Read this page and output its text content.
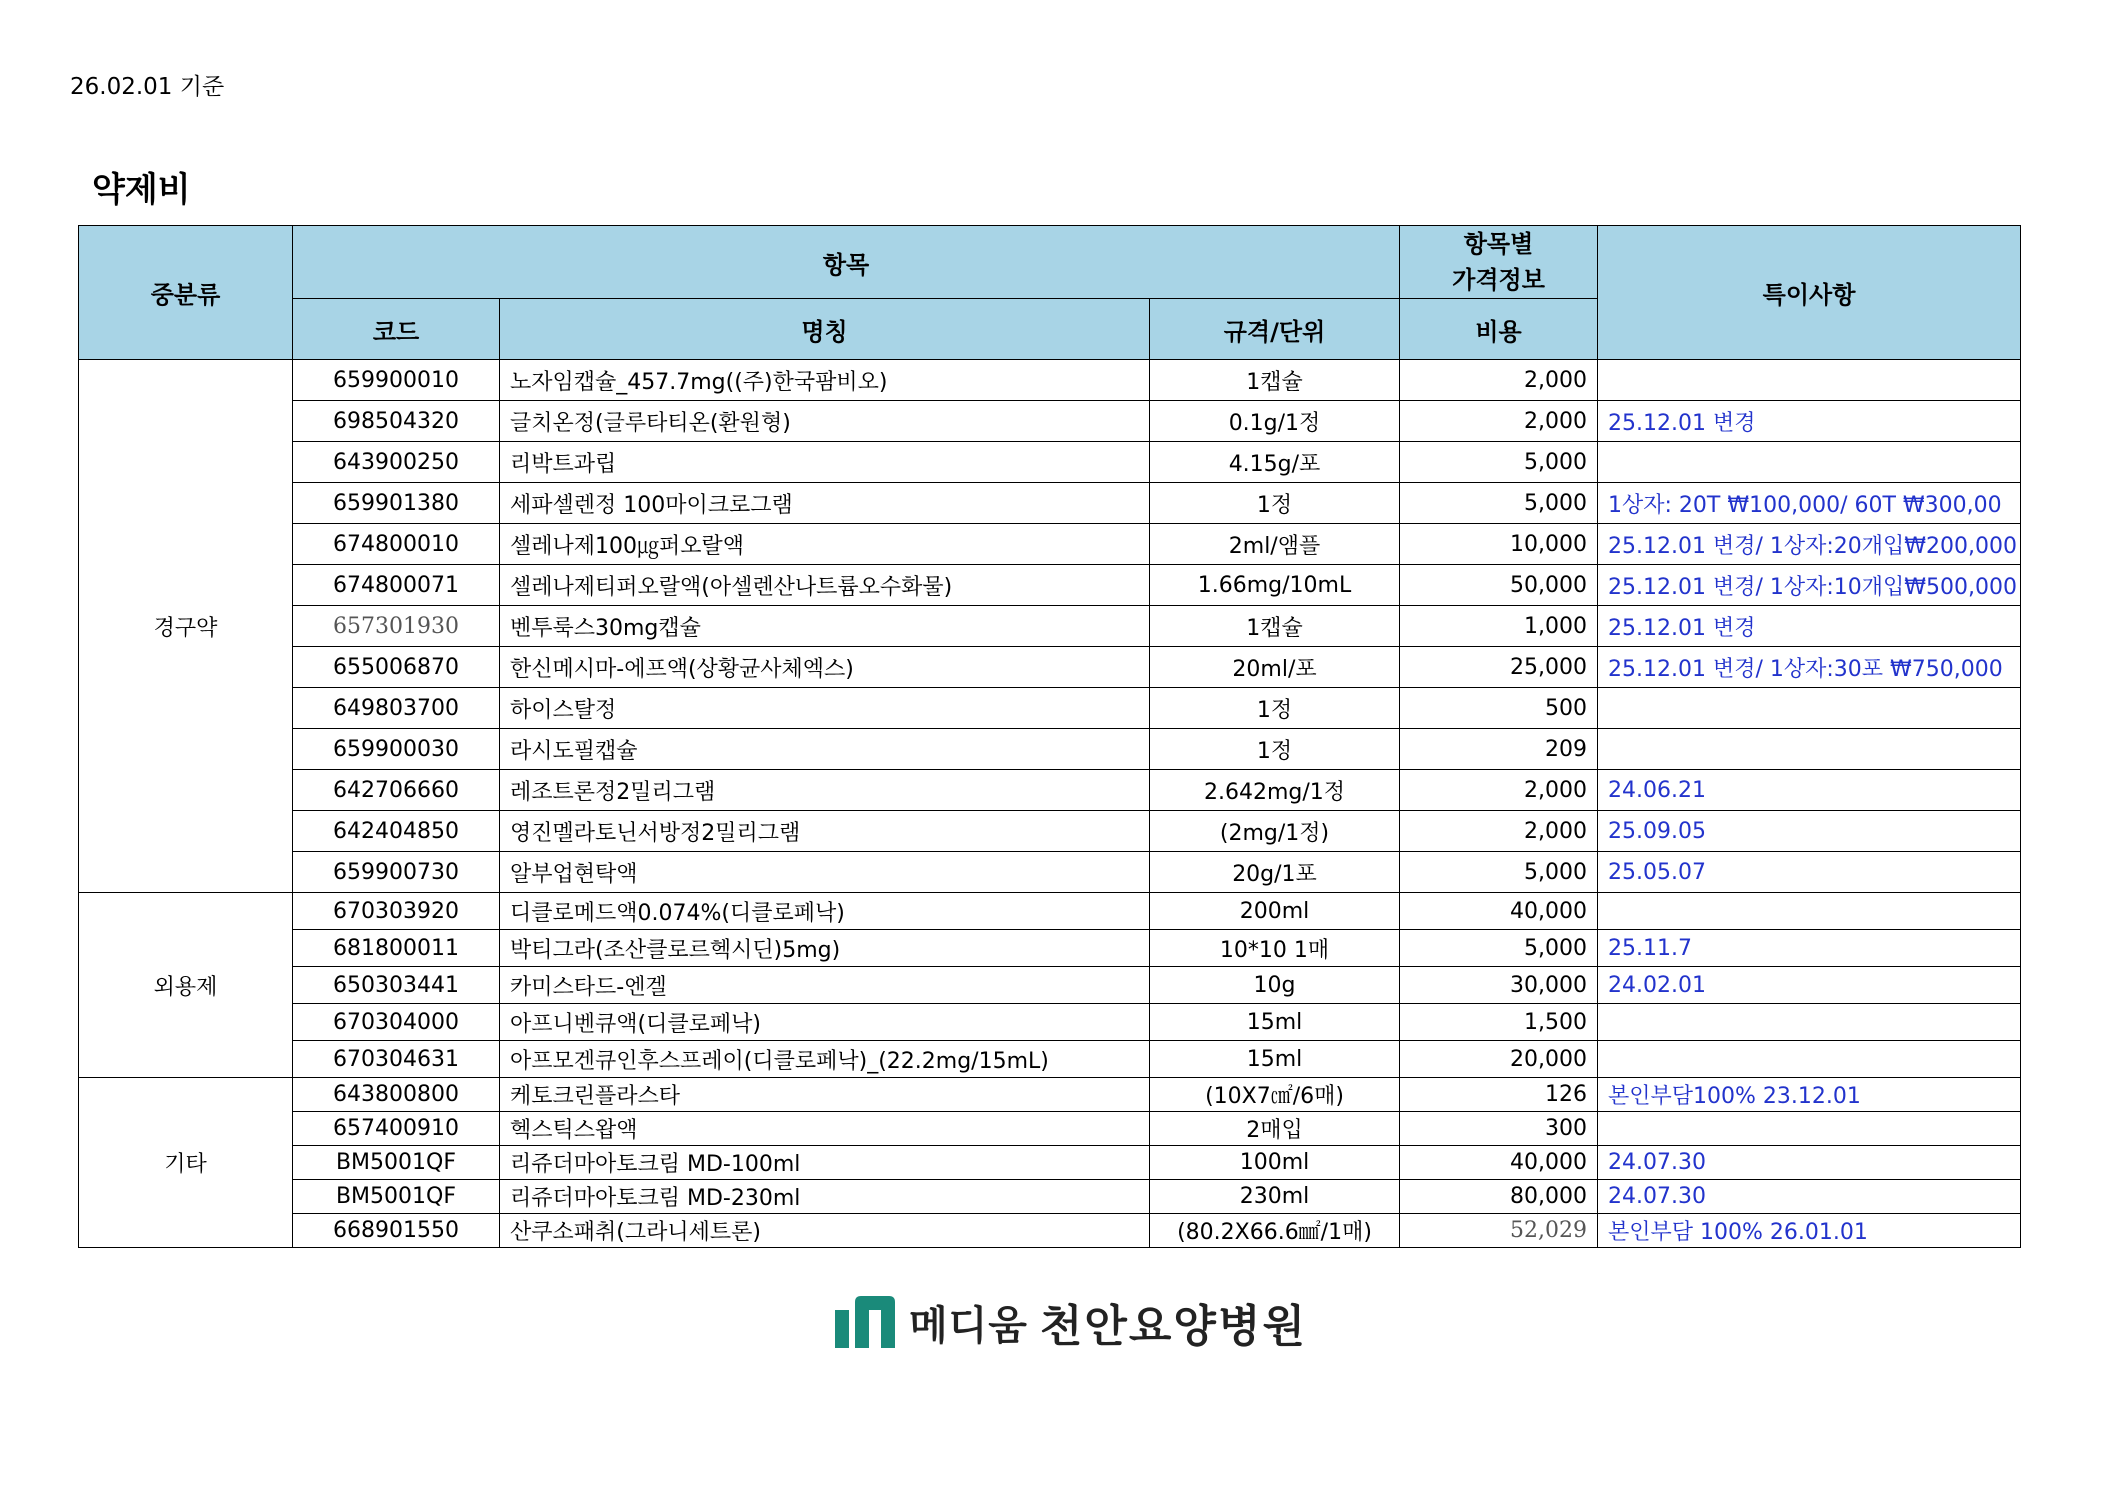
26.02.01 기준
약제비
중분류	항목			항목별
가격정보	특이사항
	코드	명칭	규격/단위	비용	
경구약	659900010	노자임캡슐_457.7mg((주)한국팜비오)	1캡슐	2,000	
	698504320	글치온정(글루타티온(환원형)	0.1g/1정	2,000	25.12.01 변경
	643900250	리박트과립	4.15g/포	5,000	
	659901380	세파셀렌정 100마이크로그램	1정	5,000	1상자: 20T ₩100,000/ 60T ₩300,00
	674800010	셀레나제100㎍퍼오랄액	2ml/앰플	10,000	25.12.01 변경/ 1상자:20개입₩200,000
	674800071	셀레나제티퍼오랄액(아셀렌산나트륨오수화물)	1.66mg/10mL	50,000	25.12.01 변경/ 1상자:10개입₩500,000
	657301930	벤투룩스30mg캡슐	1캡슐	1,000	25.12.01 변경
	655006870	한신메시마-에프액(상황균사체엑스)	20ml/포	25,000	25.12.01 변경/ 1상자:30포 ₩750,000
	649803700	하이스탈정	1정	500	
	659900030	라시도필캡슐	1정	209	
	642706660	레조트론정2밀리그램	2.642mg/1정	2,000	24.06.21
	642404850	영진멜라토닌서방정2밀리그램	(2mg/1정)	2,000	25.09.05
	659900730	알부업현탁액	20g/1포	5,000	25.05.07
외용제	670303920	디클로메드액0.074%(디클로페낙)	200ml	40,000	
	681800011	박티그라(조산클로르헥시딘)5mg)	10*10 1매	5,000	25.11.7
	650303441	카미스타드-엔겔	10g	30,000	24.02.01
	670304000	아프니벤큐액(디클로페낙)	15ml	1,500	
	670304631	아프모겐큐인후스프레이(디클로페낙)_(22.2mg/15mL)	15ml	20,000	
기타	643800800	케토크린플라스타	(10X7㎠/6매)	126	본인부담100% 23.12.01
	657400910	헥스틱스왑액	2매입	300	
	BM5001QF	리쥬더마아토크림 MD-100ml	100ml	40,000	24.07.30
	BM5001QF	리쥬더마아토크림 MD-230ml	230ml	80,000	24.07.30
	668901550	산쿠소패취(그라니세트론)	(80.2X66.6㎟/1매)	52,029	본인부담 100% 26.01.01
메디움 천안요양병원
